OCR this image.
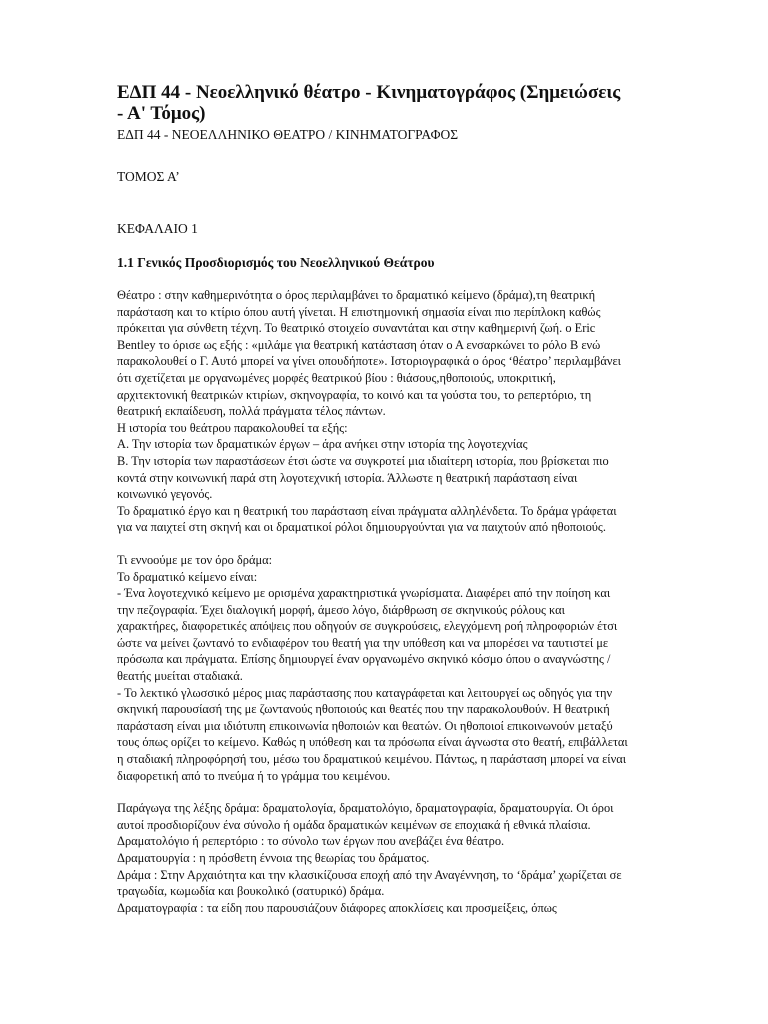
ΕΔΠ 44 - Νεοελληνικό θέατρο - Κινηματογράφος (Σημειώσεις - Α' Τόμος)
ΕΔΠ 44 - ΝΕΟΕΛΛΗΝΙΚΟ ΘΕΑΤΡΟ / ΚΙΝΗΜΑΤΟΓΡΑΦΟΣ
ΤΟΜΟΣ Α’
ΚΕΦΑΛΑΙΟ 1
1.1 Γενικός Προσδιορισμός του Νεοελληνικού Θεάτρου

Θέατρο : στην καθημερινότητα ο όρος περιλαμβάνει το δραματικό κείμενο (δράμα),τη θεατρική παράσταση και το κτίριο όπου αυτή γίνεται. Η επιστημονική σημασία είναι πιο περίπλοκη καθώς πρόκειται για σύνθετη τέχνη. Το θεατρικό στοιχείο συναντάται και στην καθημερινή ζωή. ο Eric Bentley το όρισε ως εξής : «μιλάμε για θεατρική κατάσταση όταν ο Α ενσαρκώνει το ρόλο Β ενώ παρακολουθεί ο Γ. Αυτό μπορεί να γίνει οπουδήποτε». Ιστοριογραφικά ο όρος ‘θέατρο’ περιλαμβάνει ότι σχετίζεται με οργανωμένες μορφές θεατρικού βίου : θιάσους,ηθοποιούς, υποκριτική, αρχιτεκτονική θεατρικών κτιρίων, σκηνογραφία, το κοινό και τα γούστα του, το ρεπερτόριο, τη θεατρική εκπαίδευση, πολλά πράγματα τέλος πάντων.

Η ιστορία του θεάτρου παρακολουθεί τα εξής:

Α. Την ιστορία των δραματικών έργων – άρα ανήκει στην ιστορία της λογοτεχνίας

Β. Την ιστορία των παραστάσεων έτσι ώστε να συγκροτεί μια ιδιαίτερη ιστορία, που βρίσκεται πιο κοντά στην κοινωνική παρά στη λογοτεχνική ιστορία. Άλλωστε η θεατρική παράσταση είναι κοινωνικό γεγονός.

Το δραματικό έργο και η θεατρική του παράσταση είναι πράγματα αλληλένδετα. Το δράμα γράφεται για να παιχτεί στη σκηνή και οι δραματικοί ρόλοι δημιουργούνται για να παιχτούν από ηθοποιούς.

Τι εννοούμε με τον όρο δράμα:

Το δραματικό κείμενο είναι:

- Ένα λογοτεχνικό κείμενο με ορισμένα χαρακτηριστικά γνωρίσματα. Διαφέρει από την ποίηση και την πεζογραφία. Έχει διαλογική μορφή, άμεσο λόγο, διάρθρωση σε σκηνικούς ρόλους και χαρακτήρες, διαφορετικές απόψεις που οδηγούν σε συγκρούσεις, ελεγχόμενη ροή πληροφοριών έτσι ώστε να μείνει ζωντανό το ενδιαφέρον του θεατή για την υπόθεση και να μπορέσει να ταυτιστεί με πρόσωπα και πράγματα. Επίσης δημιουργεί έναν οργανωμένο σκηνικό κόσμο όπου ο αναγνώστης / θεατής μυείται σταδιακά.

- Το λεκτικό γλωσσικό μέρος μιας παράστασης που καταγράφεται και λειτουργεί ως οδηγός για την σκηνική παρουσίασή της με ζωντανούς ηθοποιούς και θεατές που την παρακολουθούν. Η θεατρική παράσταση είναι μια ιδιότυπη επικοινωνία ηθοποιών και θεατών. Οι ηθοποιοί επικοινωνούν μεταξύ τους όπως ορίζει το κείμενο. Καθώς η υπόθεση και τα πρόσωπα είναι άγνωστα στο θεατή, επιβάλλεται η σταδιακή πληροφόρησή του, μέσω του δραματικού κειμένου. Πάντως, η παράσταση μπορεί να είναι διαφορετική από το πνεύμα ή το γράμμα του κειμένου.

Παράγωγα της λέξης δράμα: δραματολογία, δραματολόγιο, δραματογραφία, δραματουργία. Οι όροι αυτοί προσδιορίζουν ένα σύνολο ή ομάδα δραματικών κειμένων σε εποχιακά ή εθνικά πλαίσια.

Δραματολόγιο ή ρεπερτόριο : το σύνολο των έργων που ανεβάζει ένα θέατρο.

Δραματουργία : η πρόσθετη έννοια της θεωρίας του δράματος.

Δράμα : Στην Αρχαιότητα και την κλασικίζουσα εποχή από την Αναγέννηση, το ‘δράμα’ χωρίζεται σε τραγωδία, κωμωδία και βουκολικό (σατυρικό) δράμα.

Δραματογραφία : τα είδη που παρουσιάζουν διάφορες αποκλίσεις και προσμείξεις, όπως
